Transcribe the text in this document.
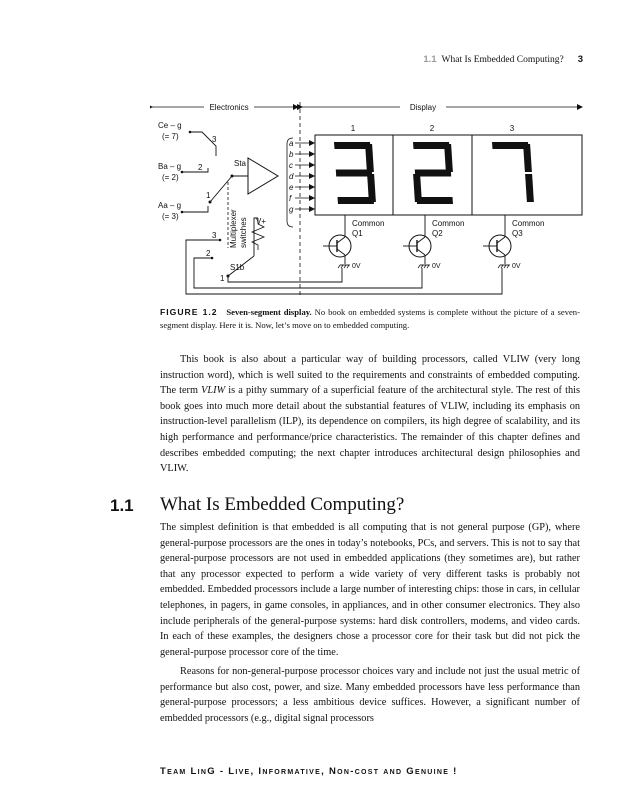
1.1 What Is Embedded Computing? 3
Electronics	Display
1	2	3
a
b
c
d
e
f
g
Sta
Ce – g
(= 7)
Ba – g
(= 2)
Aa – g
(= 3)
3
2
1
Multiplexer switches
3
2
1
S1b
V+	Common
Q1
0V
Common
Q2
0V
Common
Q3
0V
FIGURE 1.2 Seven-segment display. No book on embedded systems is complete without the picture of a seven-segment display. Here it is. Now, let’s move on to embedded computing.

This book is also about a particular way of building processors, called VLIW (very long instruction word), which is well suited to the requirements and constraints of embedded computing. The term VLIW is a pithy summary of a superficial feature of the architectural style. The rest of this book goes into much more detail about the substantial features of VLIW, including its emphasis on instruction-level parallelism (ILP), its dependence on compilers, its high degree of scalability, and its high performance and performance/price characteristics. The remainder of this chapter defines and describes embedded computing; the next chapter introduces architectural design philosophies and VLIW.

1.1 What Is Embedded Computing?

The simplest definition is that embedded is all computing that is not general purpose (GP), where general-purpose processors are the ones in today’s notebooks, PCs, and servers. This is not to say that general-purpose processors are not used in embedded applications (they sometimes are), but rather that any processor expected to perform a wide variety of very different tasks is probably not embedded. Embedded processors include a large number of interesting chips: those in cars, in cellular telephones, in pagers, in game consoles, in appliances, and in other consumer electronics. They also include peripherals of the general-purpose systems: hard disk controllers, modems, and video cards. In each of these examples, the designers chose a processor core for their task but did not pick the general-purpose processor core of the time.

Reasons for non-general-purpose processor choices vary and include not just the usual metric of performance but also cost, power, and size. Many embedded processors have less performance than general-purpose processors; a less ambitious device suffices. However, a significant number of embedded processors (e.g., digital signal processors

Team LinG - Live, Informative, Non-cost and Genuine !
